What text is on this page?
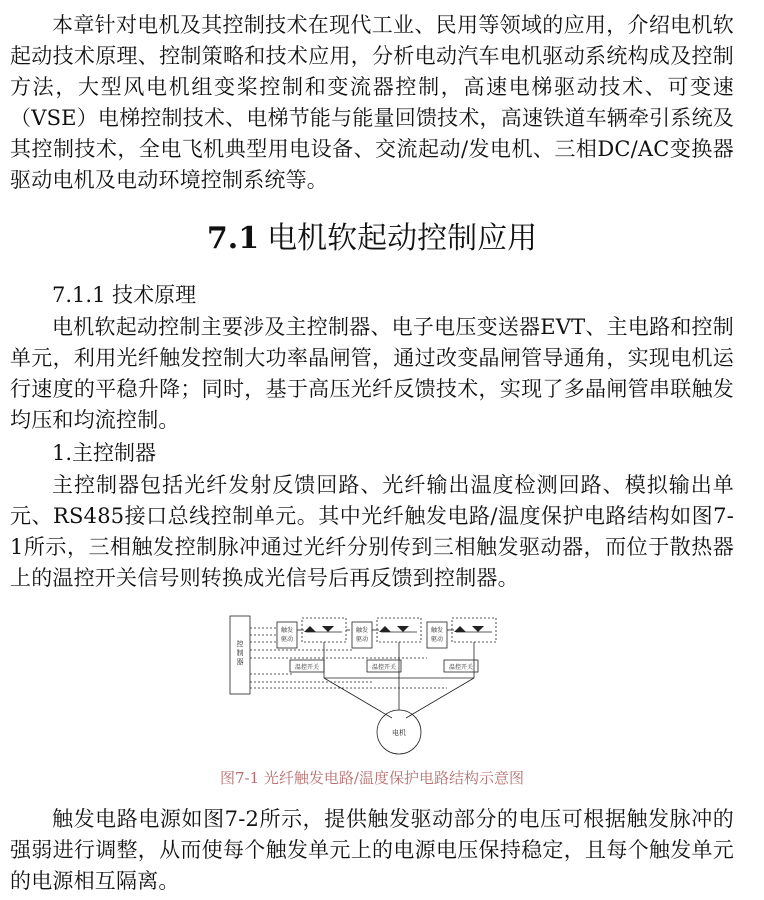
本章针对电机及其控制技术在现代工业、民用等领域的应用，介绍电机软起动技术原理、控制策略和技术应用，分析电动汽车电机驱动系统构成及控制方法，大型风电机组变桨控制和变流器控制，高速电梯驱动技术、可变速（VSE）电梯控制技术、电梯节能与能量回馈技术，高速铁道车辆牵引系统及其控制技术，全电飞机典型用电设备、交流起动/发电机、三相DC/AC变换器驱动电机及电动环境控制系统等。

7.1 电机软起动控制应用

7.1.1 技术原理

电机软起动控制主要涉及主控制器、电子电压变送器EVT、主电路和控制单元，利用光纤触发控制大功率晶闸管，通过改变晶闸管导通角，实现电机运行速度的平稳升降；同时，基于高压光纤反馈技术，实现了多晶闸管串联触发均压和均流控制。

1.主控制器

主控制器包括光纤发射反馈回路、光纤输出温度检测回路、模拟输出单元、RS485接口总线控制单元。其中光纤触发电路/温度保护电路结构如图7-1所示，三相触发控制脉冲通过光纤分别传到三相触发驱动器，而位于散热器上的温控开关信号则转换成光信号后再反馈到控制器。

控
制
器
触发
驱动
温控开关
触发
驱动
温控开关
触发
驱动
温控开关
电机
图7-1 光纤触发电路/温度保护电路结构示意图

触发电路电源如图7-2所示，提供触发驱动部分的电压可根据触发脉冲的强弱进行调整，从而使每个触发单元上的电源电压保持稳定，且每个触发单元的电源相互隔离。
